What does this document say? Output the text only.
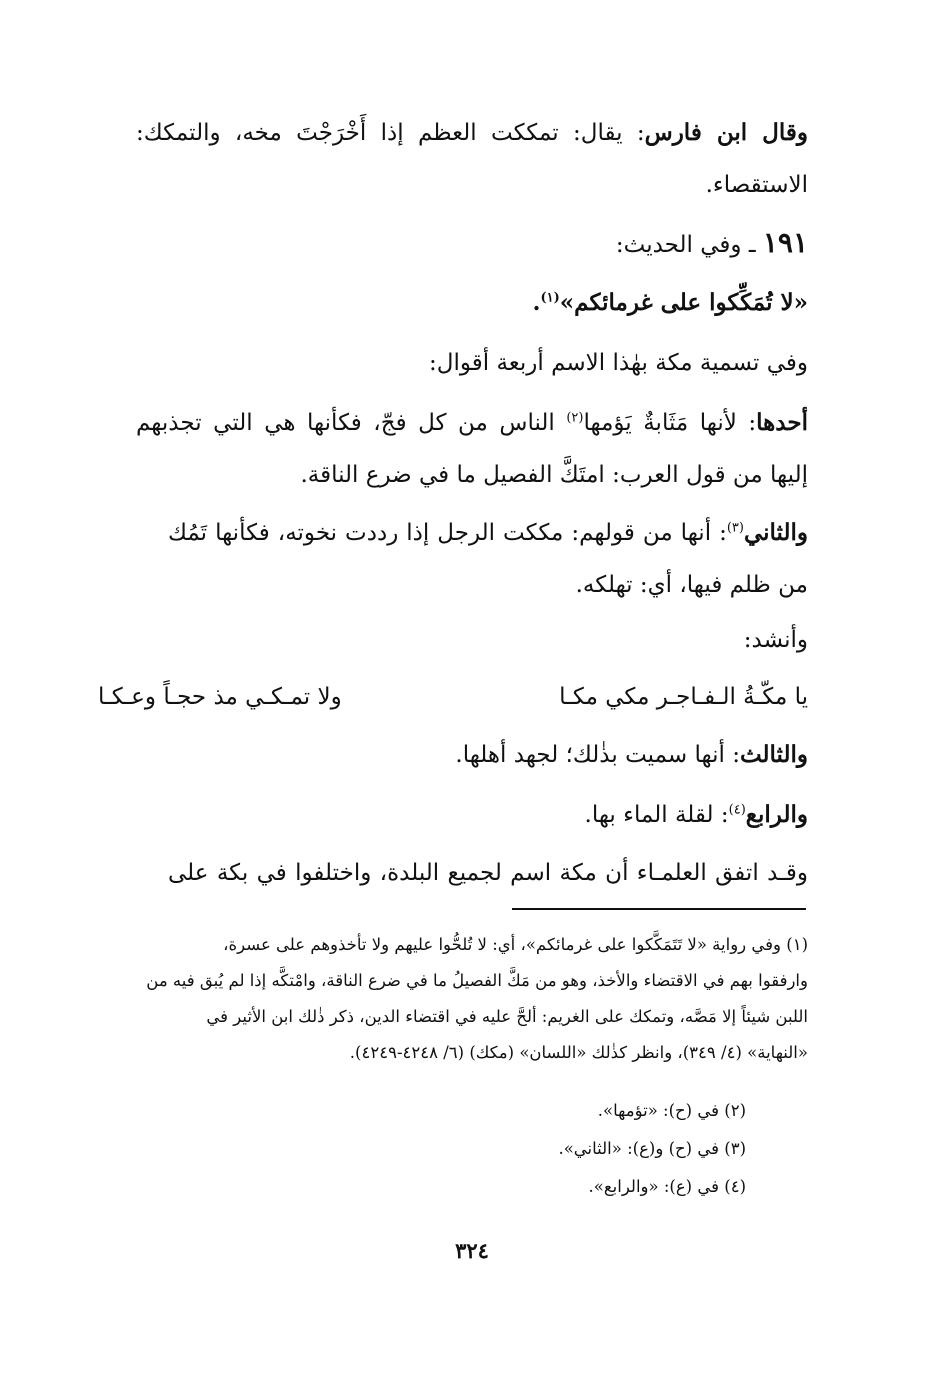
وقال ابن فارس: يقال: تمككت العظم إذا أَخْرَجْتَ مخه، والتمكك:
الاستقصاء.
١٩١ ـ وفي الحديث:
«لا تُمَكِّكوا على غرمائكم»$^{(١)}$.
وفي تسمية مكة بهٰذا الاسم أربعة أقوال:
أحدها: لأنها مَثَابةٌ يَؤمها$^{(٢)}$ الناس من كل فجّ، فكأنها هي التي تجذبهم
إليها من قول العرب: امتَكَّ الفصيل ما في ضرع الناقة.
والثاني$^{(٣)}$: أنها من قولهم: مككت الرجل إذا رددت نخوته، فكأنها تَمُك
من ظلم فيها، أي: تهلكه.
وأنشد:
يا مكّـةُ الـفـاجـر مكي مكـا
ولا تمـكـي مذ حجـاً وعـكـا
والثالث: أنها سميت بذٰلك؛ لجهد أهلها.
والرابع$^{(٤)}$: لقلة الماء بها.
وقـد اتفق العلمـاء أن مكة اسم لجميع البلدة، واختلفوا في بكة على
(١) وفي رواية «لا تَتَمَكَّكوا على غرمائكم»، أي: لا تُلحُّوا عليهم ولا تأخذوهم على عسرة،
وارفقوا بهم في الاقتضاء والأخذ، وهو من مَكَّ الفصيلُ ما في ضرع الناقة، وامْتكَّه إذا لم يُبق فيه من
اللبن شيئاً إلا مَصَّه، وتمكك على الغريم: ألحَّ عليه في اقتضاء الدين، ذكر ذٰلك ابن الأثير في
«النهاية» (٤/ ٣٤٩)، وانظر كذٰلك «اللسان» (مكك) (٦/ ٤٢٤٨-٤٢٤٩).
(٢) في (ح): «تؤمها».
(٣) في (ح) و(ع): «الثاني».
(٤) في (ع): «والرابع».
٣٢٤
